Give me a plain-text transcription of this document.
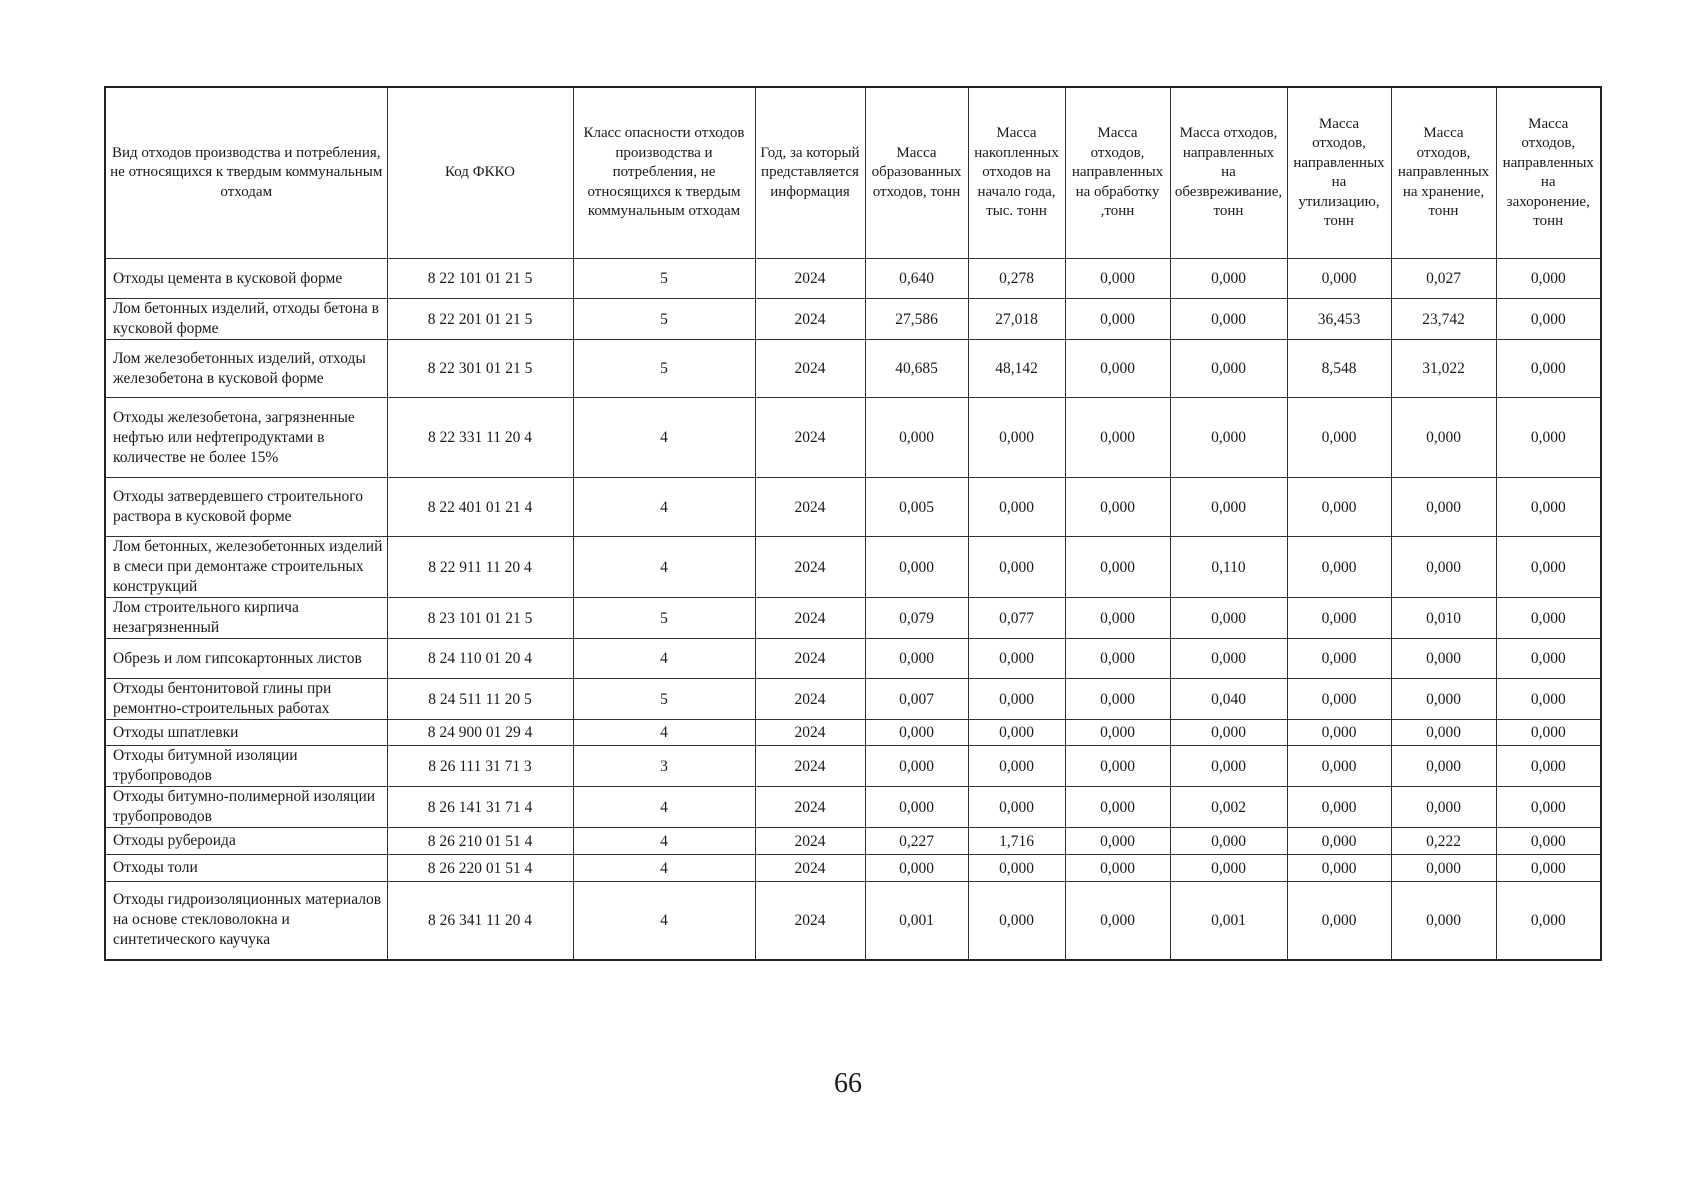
Вид отходов производства и потребления, не относящихся к твердым коммунальным отходам	Код ФККО	Класс опасности отходов производства и потребления, не относящихся к твердым коммунальным отходам	Год, за который представляется информация	Масса образованных отходов, тонн	Масса накопленных отходов на начало года, тыс. тонн	Масса отходов, направленных на обработку ,тонн	Масса отходов, направленных на обезвреживание, тонн	Масса отходов, направленных на утилизацию, тонн	Масса отходов, направленных на хранение, тонн	Масса отходов, направленных на захоронение, тонн
Отходы цемента в кусковой форме	8 22 101 01 21 5	5	2024	0,640	0,278	0,000	0,000	0,000	0,027	0,000
Лом бетонных изделий, отходы бетона в кусковой форме	8 22 201 01 21 5	5	2024	27,586	27,018	0,000	0,000	36,453	23,742	0,000
Лом железобетонных изделий, отходы железобетона в кусковой форме	8 22 301 01 21 5	5	2024	40,685	48,142	0,000	0,000	8,548	31,022	0,000
Отходы железобетона, загрязненные нефтью или нефтепродуктами в количестве не более 15%	8 22 331 11 20 4	4	2024	0,000	0,000	0,000	0,000	0,000	0,000	0,000
Отходы затвердевшего строительного раствора в кусковой форме	8 22 401 01 21 4	4	2024	0,005	0,000	0,000	0,000	0,000	0,000	0,000
Лом бетонных, железобетонных изделий в смеси при демонтаже строительных конструкций	8 22 911 11 20 4	4	2024	0,000	0,000	0,000	0,110	0,000	0,000	0,000
Лом строительного кирпича незагрязненный	8 23 101 01 21 5	5	2024	0,079	0,077	0,000	0,000	0,000	0,010	0,000
Обрезь и лом гипсокартонных листов	8 24 110 01 20 4	4	2024	0,000	0,000	0,000	0,000	0,000	0,000	0,000
Отходы бентонитовой глины при ремонтно-строительных работах	8 24 511 11 20 5	5	2024	0,007	0,000	0,000	0,040	0,000	0,000	0,000
Отходы шпатлевки	8 24 900 01 29 4	4	2024	0,000	0,000	0,000	0,000	0,000	0,000	0,000
Отходы битумной изоляции трубопроводов	8 26 111 31 71 3	3	2024	0,000	0,000	0,000	0,000	0,000	0,000	0,000
Отходы битумно-полимерной изоляции трубопроводов	8 26 141 31 71 4	4	2024	0,000	0,000	0,000	0,002	0,000	0,000	0,000
Отходы рубероида	8 26 210 01 51 4	4	2024	0,227	1,716	0,000	0,000	0,000	0,222	0,000
Отходы толи	8 26 220 01 51 4	4	2024	0,000	0,000	0,000	0,000	0,000	0,000	0,000
Отходы гидроизоляционных материалов на основе стекловолокна и синтетического каучука	8 26 341 11 20 4	4	2024	0,001	0,000	0,000	0,001	0,000	0,000	0,000
66
